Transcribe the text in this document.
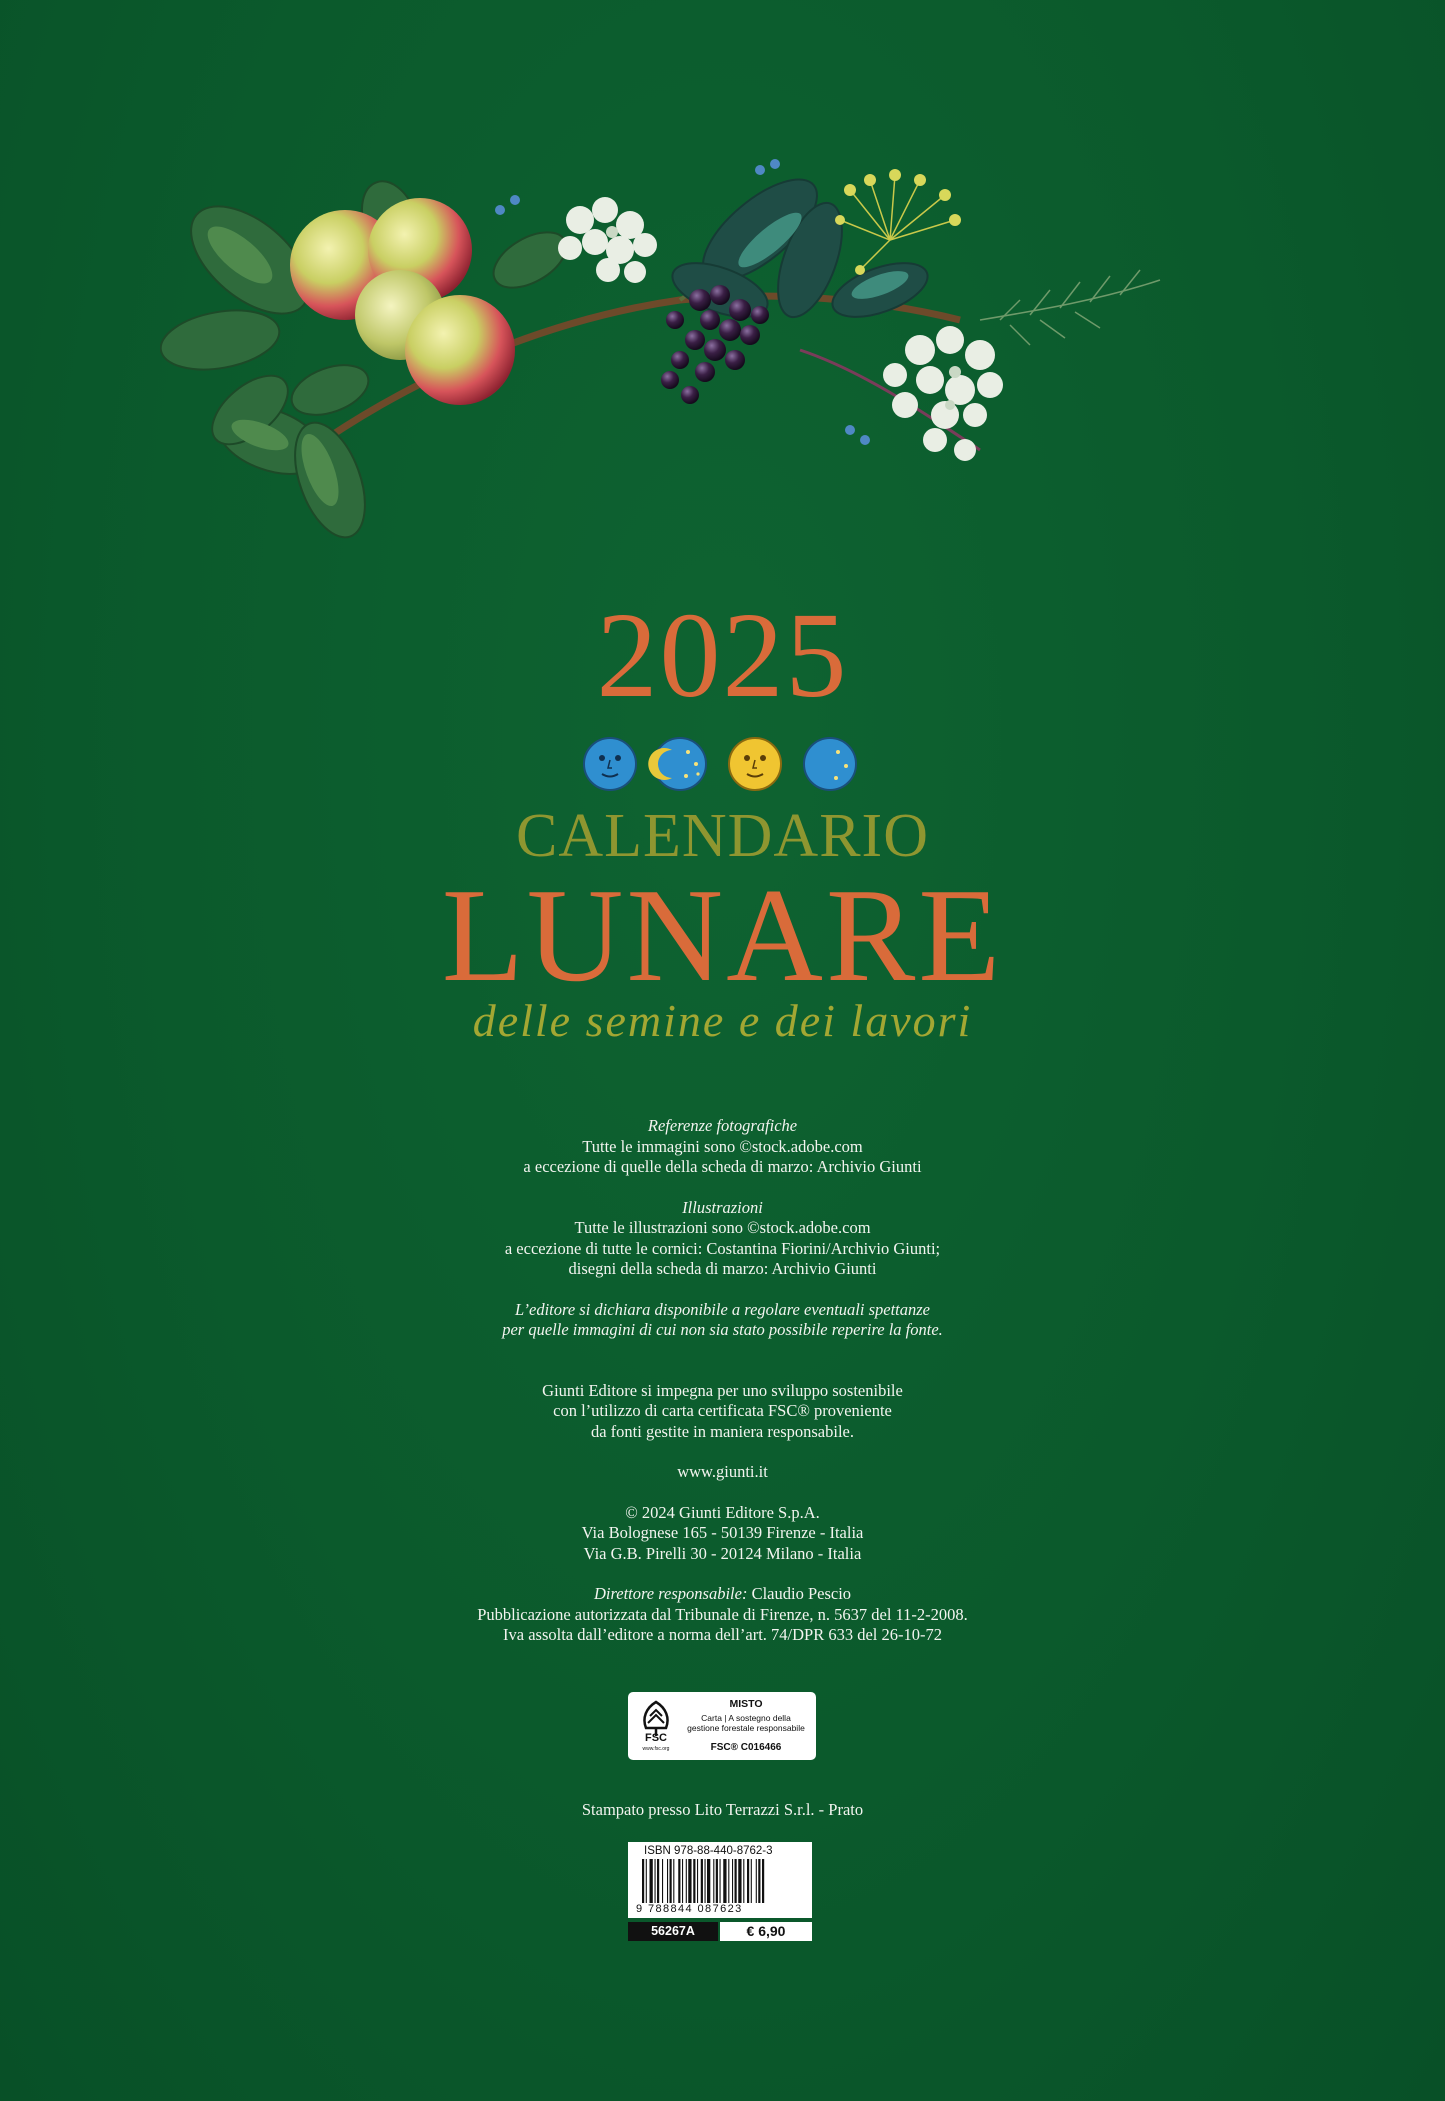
2025
CALENDARIO
LUNARE
delle semine e dei lavori
Referenze fotografiche
Tutte le immagini sono ©stock.adobe.com
a eccezione di quelle della scheda di marzo: Archivio Giunti
Illustrazioni
Tutte le illustrazioni sono ©stock.adobe.com
a eccezione di tutte le cornici: Costantina Fiorini/Archivio Giunti;
disegni della scheda di marzo: Archivio Giunti
L’editore si dichiara disponibile a regolare eventuali spettanze
per quelle immagini di cui non sia stato possibile reperire la fonte.
Giunti Editore si impegna per uno sviluppo sostenibile
con l’utilizzo di carta certificata FSC® proveniente
da fonti gestite in maniera responsabile.
www.giunti.it
© 2024 Giunti Editore S.p.A.
Via Bolognese 165 - 50139 Firenze - Italia
Via G.B. Pirelli 30 - 20124 Milano - Italia
Direttore responsabile: Claudio Pescio
Pubblicazione autorizzata dal Tribunale di Firenze, n. 5637 del 11-2-2008.
Iva assolta dall’editore a norma dell’art. 74/DPR 633 del 26-10-72
FSC
www.fsc.org
MISTO
Carta | A sostegno della
gestione forestale responsabile
FSC® C016466
Stampato presso Lito Terrazzi S.r.l. - Prato
ISBN 978-88-440-8762-3
9 788844 087623
56267A	€ 6,90
